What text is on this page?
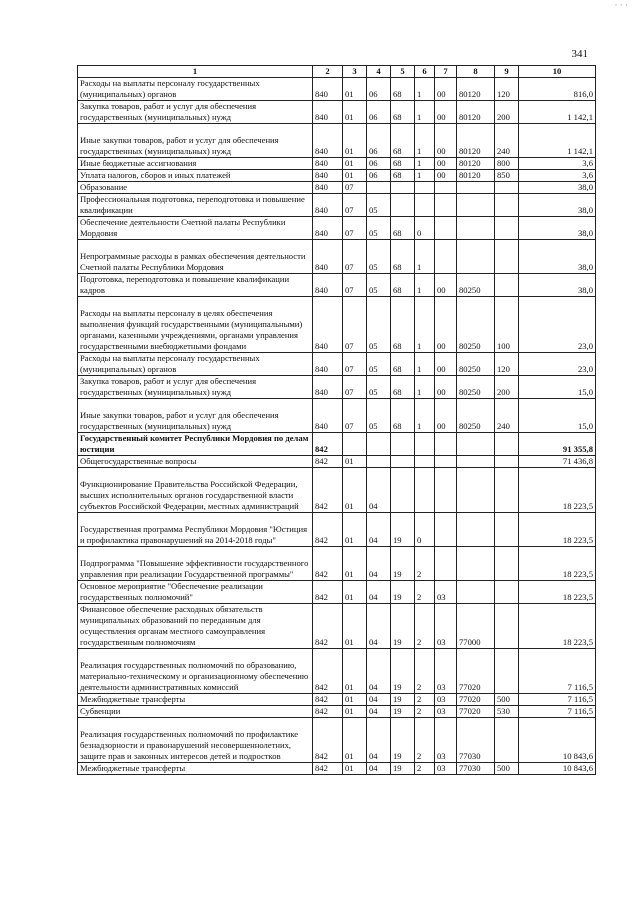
· · ·
341
1	2	3	4	5	6	7	8	9	10
Расходы на выплаты персоналу государственных (муниципальных) органов	840	01	06	68	1	00	80120	120	816,0
Закупка товаров, работ и услуг для обеспечения государственных (муниципальных) нужд	840	01	06	68	1	00	80120	200	1 142,1
Иные закупки товаров, работ и услуг для обеспечения государственных (муниципальных) нужд	840	01	06	68	1	00	80120	240	1 142,1
Иные бюджетные ассигнования	840	01	06	68	1	00	80120	800	3,6
Уплата налогов, сборов и иных платежей	840	01	06	68	1	00	80120	850	3,6
Образование	840	07							38,0
Профессиональная подготовка, переподготовка и повышение квалификации	840	07	05						38,0
Обеспечение деятельности Счетной палаты Республики Мордовия	840	07	05	68	0				38,0
Непрограммные расходы в рамках обеспечения деятельности Счетной палаты Республики Мордовия	840	07	05	68	1				38,0
Подготовка, переподготовка и повышение квалификации кадров	840	07	05	68	1	00	80250		38,0
Расходы на выплаты персоналу в целях обеспечения выполнения функций государственными (муниципальными) органами, казенными учреждениями, органами управления государственными внебюджетными фондами	840	07	05	68	1	00	80250	100	23,0
Расходы на выплаты персоналу государственных (муниципальных) органов	840	07	05	68	1	00	80250	120	23,0
Закупка товаров, работ и услуг для обеспечения государственных (муниципальных) нужд	840	07	05	68	1	00	80250	200	15,0
Иные закупки товаров, работ и услуг для обеспечения государственных (муниципальных) нужд	840	07	05	68	1	00	80250	240	15,0
Государственный комитет Республики Мордовия по делам юстиции	842								91 355,8
Общегосударственные вопросы	842	01							71 436,8
Функционирование Правительства Российской Федерации, высших исполнительных органов государственной власти субъектов Российской Федерации, местных администраций	842	01	04						18 223,5
Государственная программа Республики Мордовия "Юстиция и профилактика правонарушений на 2014-2018 годы"	842	01	04	19	0				18 223,5
Подпрограмма "Повышение эффективности государственного управления при реализации Государственной программы"	842	01	04	19	2				18 223,5
Основное мероприятие "Обеспечение реализации государственных полномочий"	842	01	04	19	2	03			18 223,5
Финансовое обеспечение расходных обязательств муниципальных образований по переданным для осуществления органам местного самоуправления государственным полномочиям	842	01	04	19	2	03	77000		18 223,5
Реализация государственных полномочий по образованию, материально-техническому и организационному обеспечению деятельности административных комиссий	842	01	04	19	2	03	77020		7 116,5
Межбюджетные трансферты	842	01	04	19	2	03	77020	500	7 116,5
Субвенции	842	01	04	19	2	03	77020	530	7 116,5
Реализация государственных полномочий по профилактике безнадзорности и правонарушений несовершеннолетних, защите прав и законных интересов детей и подростков	842	01	04	19	2	03	77030		10 843,6
Межбюджетные трансферты	842	01	04	19	2	03	77030	500	10 843,6
